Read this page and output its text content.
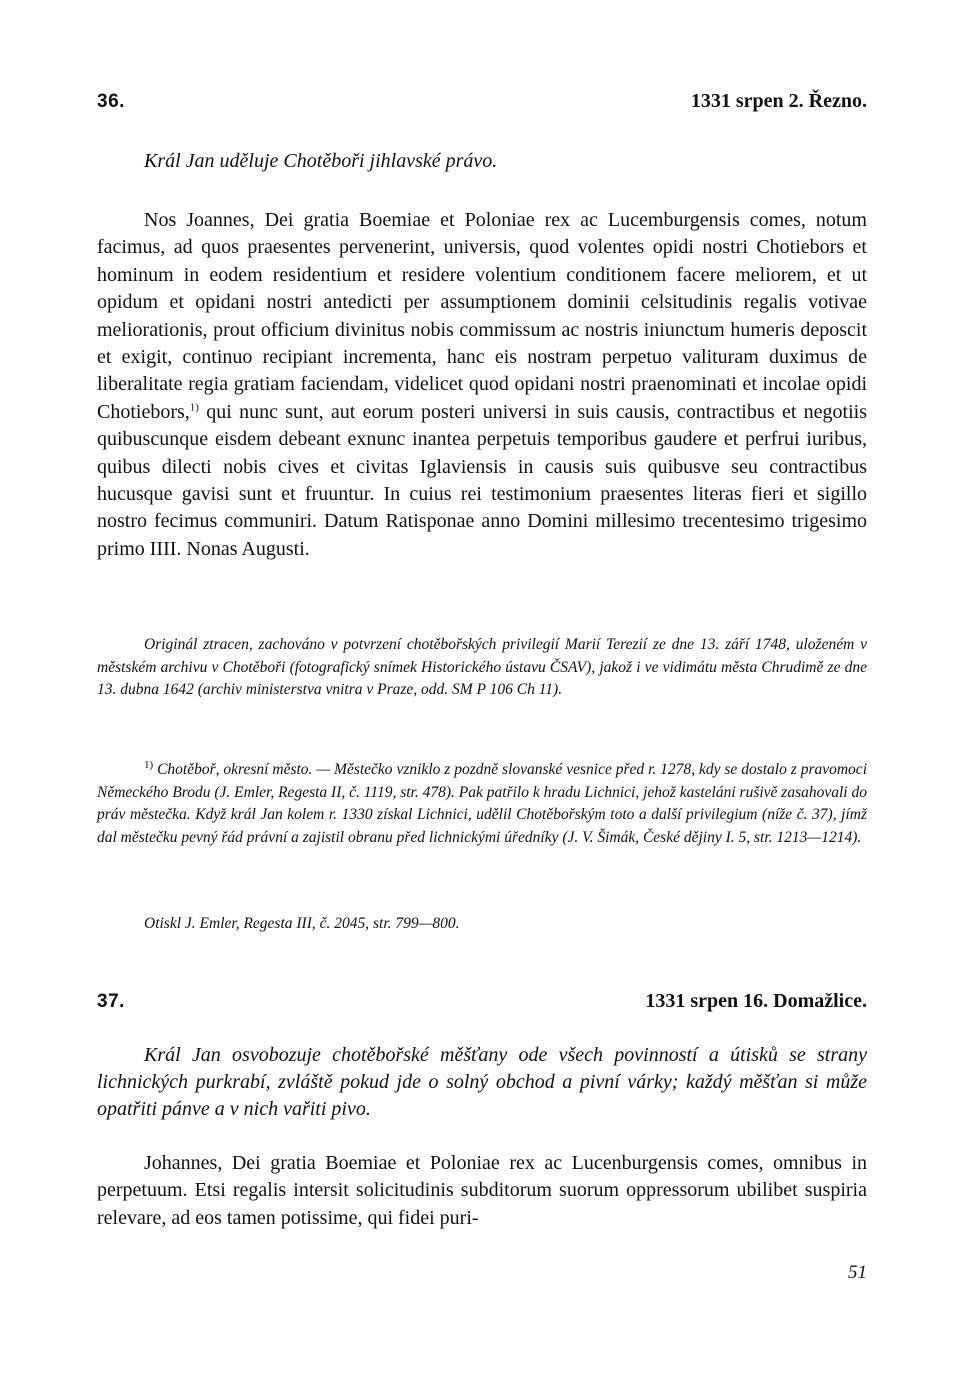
36.	1331 srpen 2. Řezno.
Král Jan uděluje Chotěboři jihlavské právo.

Nos Joannes, Dei gratia Boemiae et Poloniae rex ac Lucemburgensis comes, notum facimus, ad quos praesentes pervenerint, universis, quod volentes opidi nostri Chotiebors et hominum in eodem residentium et residere volentium conditionem facere meliorem, et ut opidum et opidani nostri antedicti per assumptionem dominii celsitudinis regalis votivae meliorationis, prout officium divinitus nobis commissum ac nostris iniunctum humeris deposcit et exigit, continuo recipiant incrementa, hanc eis nostram perpetuo valituram duximus de liberalitate regia gratiam faciendam, videlicet quod opidani nostri praenominati et incolae opidi Chotiebors,$^{1)}$ qui nunc sunt, aut eorum posteri universi in suis causis, contractibus et negotiis quibuscunque eisdem debeant exnunc inantea perpetuis temporibus gaudere et perfrui iuribus, quibus dilecti nobis cives et civitas Iglaviensis in causis suis quibusve seu contractibus hucusque gavisi sunt et fruuntur. In cuius rei testimonium praesentes literas fieri et sigillo nostro fecimus communiri. Datum Ratisponae anno Domini millesimo trecentesimo trigesimo primo IIII. Nonas Augusti.

Originál ztracen, zachováno v potvrzení chotěbořských privilegií Marií Terezií ze dne 13. září 1748, uloženém v městském archivu v Chotěboři (fotografický snímek Historického ústavu ČSAV), jakož i ve vidimátu města Chrudimě ze dne 13. dubna 1642 (archiv ministerstva vnitra v Praze, odd. SM P 106 Ch 11).

$^{1)}$ Chotěboř, okresní město. — Městečko vzniklo z pozdně slovanské vesnice před r. 1278, kdy se dostalo z pravomoci Německého Brodu (J. Emler, Regesta II, č. 1119, str. 478). Pak patřilo k hradu Lichnici, jehož kasteláni rušivě zasahovali do práv městečka. Když král Jan kolem r. 1330 získal Lichnici, udělil Chotěbořským toto a další privilegium (níže č. 37), jímž dal městečku pevný řád právní a zajistil obranu před lichnickými úředníky (J. V. Šimák, České dějiny I. 5, str. 1213—1214).

Otiskl J. Emler, Regesta III, č. 2045, str. 799—800.

37.	1331 srpen 16. Domažlice.
Král Jan osvobozuje chotěbořské měšťany ode všech povinností a útisků se strany lichnických purkrabí, zvláště pokud jde o solný obchod a pivní várky; každý měšťan si může opatřiti pánve a v nich vařiti pivo.

Johannes, Dei gratia Boemiae et Poloniae rex ac Lucenburgensis comes, omnibus in perpetuum. Etsi regalis intersit solicitudinis subditorum suorum oppressorum ubilibet suspiria relevare, ad eos tamen potissime, qui fidei puri-

51
